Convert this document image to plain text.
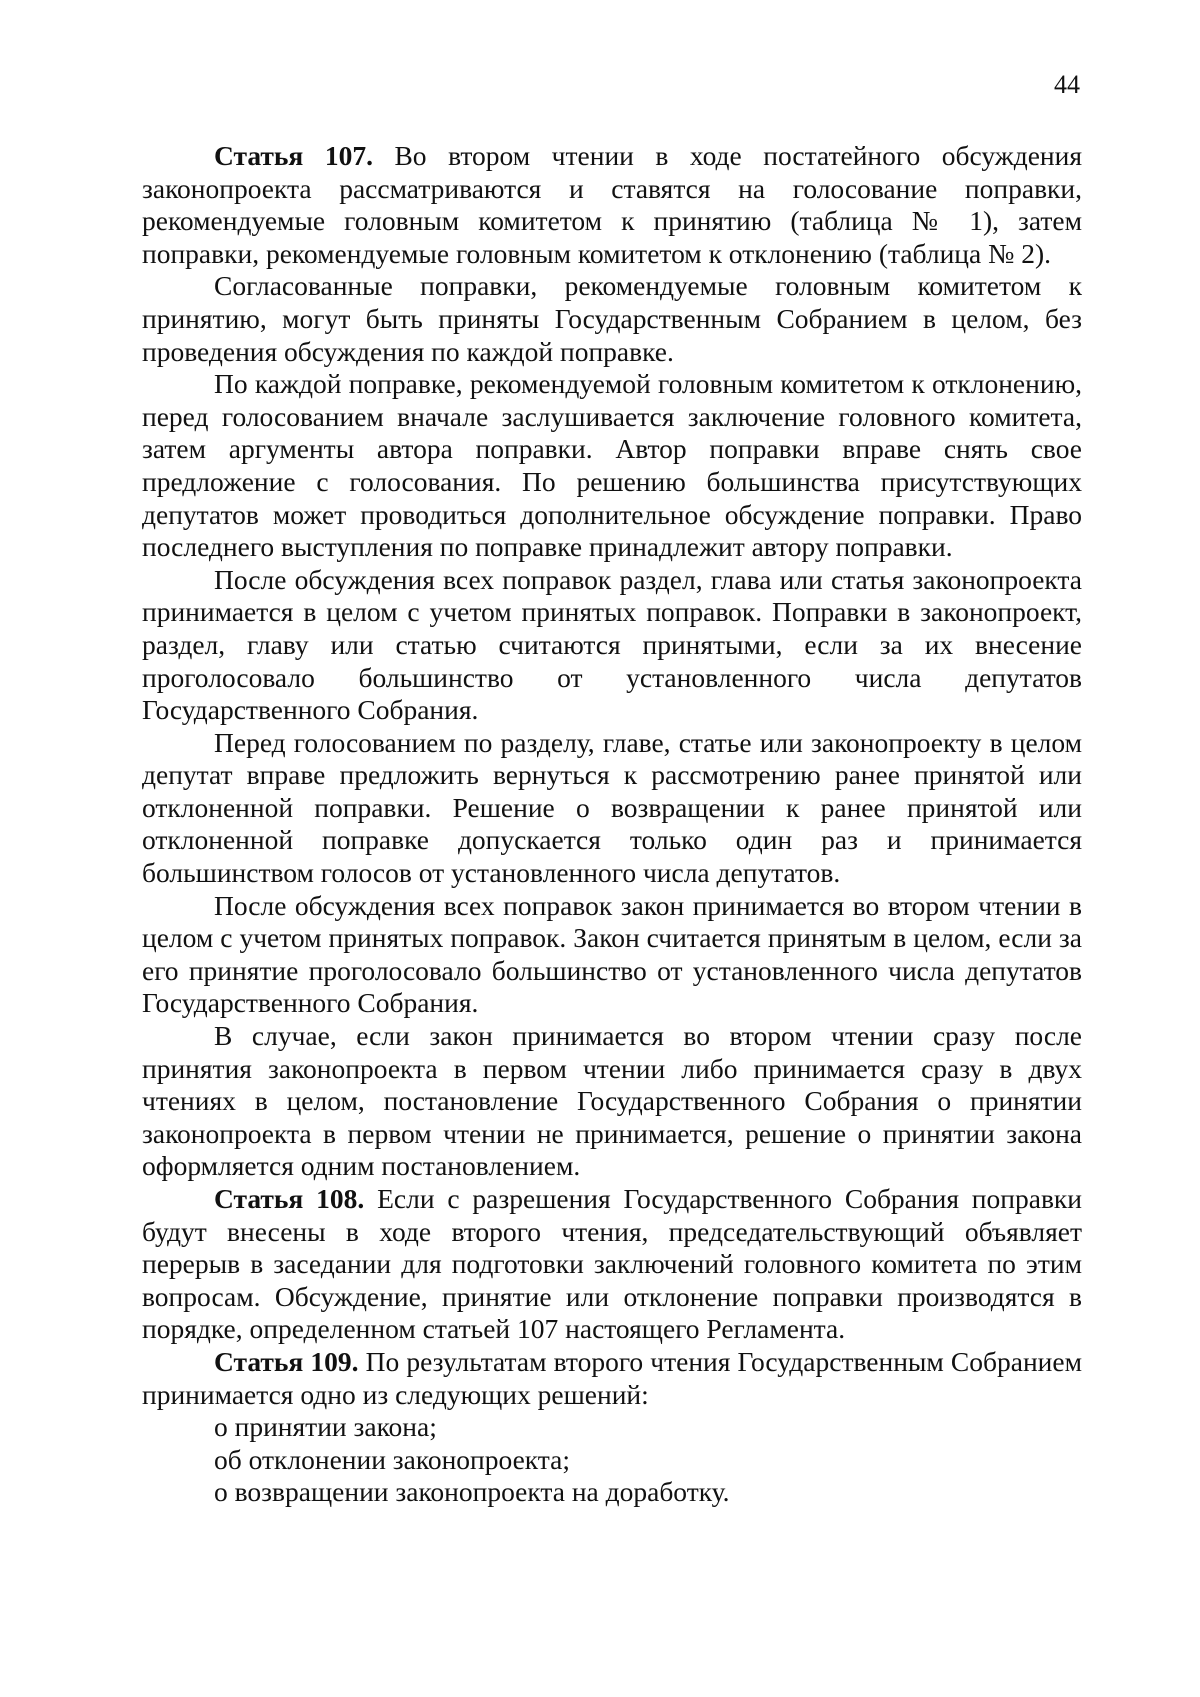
44

Статья 107. Во втором чтении в ходе постатейного обсуждения законопроекта рассматриваются и ставятся на голосование поправки, рекомендуемые головным комитетом к принятию (таблица № 1), затем поправки, рекомендуемые головным комитетом к отклонению (таблица № 2).

Согласованные поправки, рекомендуемые головным комитетом к принятию, могут быть приняты Государственным Собранием в целом, без проведения обсуждения по каждой поправке.

По каждой поправке, рекомендуемой головным комитетом к отклонению, перед голосованием вначале заслушивается заключение головного комитета, затем аргументы автора поправки. Автор поправки вправе снять свое предложение с голосования. По решению большинства присутствующих депутатов может проводиться дополнительное обсуждение поправки. Право последнего выступления по поправке принадлежит автору поправки.

После обсуждения всех поправок раздел, глава или статья законопроекта принимается в целом с учетом принятых поправок. Поправки в законопроект, раздел, главу или статью считаются принятыми, если за их внесение проголосовало большинство от установленного числа депутатов Государственного Собрания.

Перед голосованием по разделу, главе, статье или законопроекту в целом депутат вправе предложить вернуться к рассмотрению ранее принятой или отклоненной поправки. Решение о возвращении к ранее принятой или отклоненной поправке допускается только один раз и принимается большинством голосов от установленного числа депутатов.

После обсуждения всех поправок закон принимается во втором чтении в целом с учетом принятых поправок. Закон считается принятым в целом, если за его принятие проголосовало большинство от установленного числа депутатов Государственного Собрания.

В случае, если закон принимается во втором чтении сразу после принятия законопроекта в первом чтении либо принимается сразу в двух чтениях в целом, постановление Государственного Собрания о принятии законопроекта в первом чтении не принимается, решение о принятии закона оформляется одним постановлением.

Статья 108. Если с разрешения Государственного Собрания поправки будут внесены в ходе второго чтения, председательствующий объявляет перерыв в заседании для подготовки заключений головного комитета по этим вопросам. Обсуждение, принятие или отклонение поправки производятся в порядке, определенном статьей 107 настоящего Регламента.

Статья 109. По результатам второго чтения Государственным Собранием принимается одно из следующих решений:

о принятии закона;

об отклонении законопроекта;

о возвращении законопроекта на доработку.
